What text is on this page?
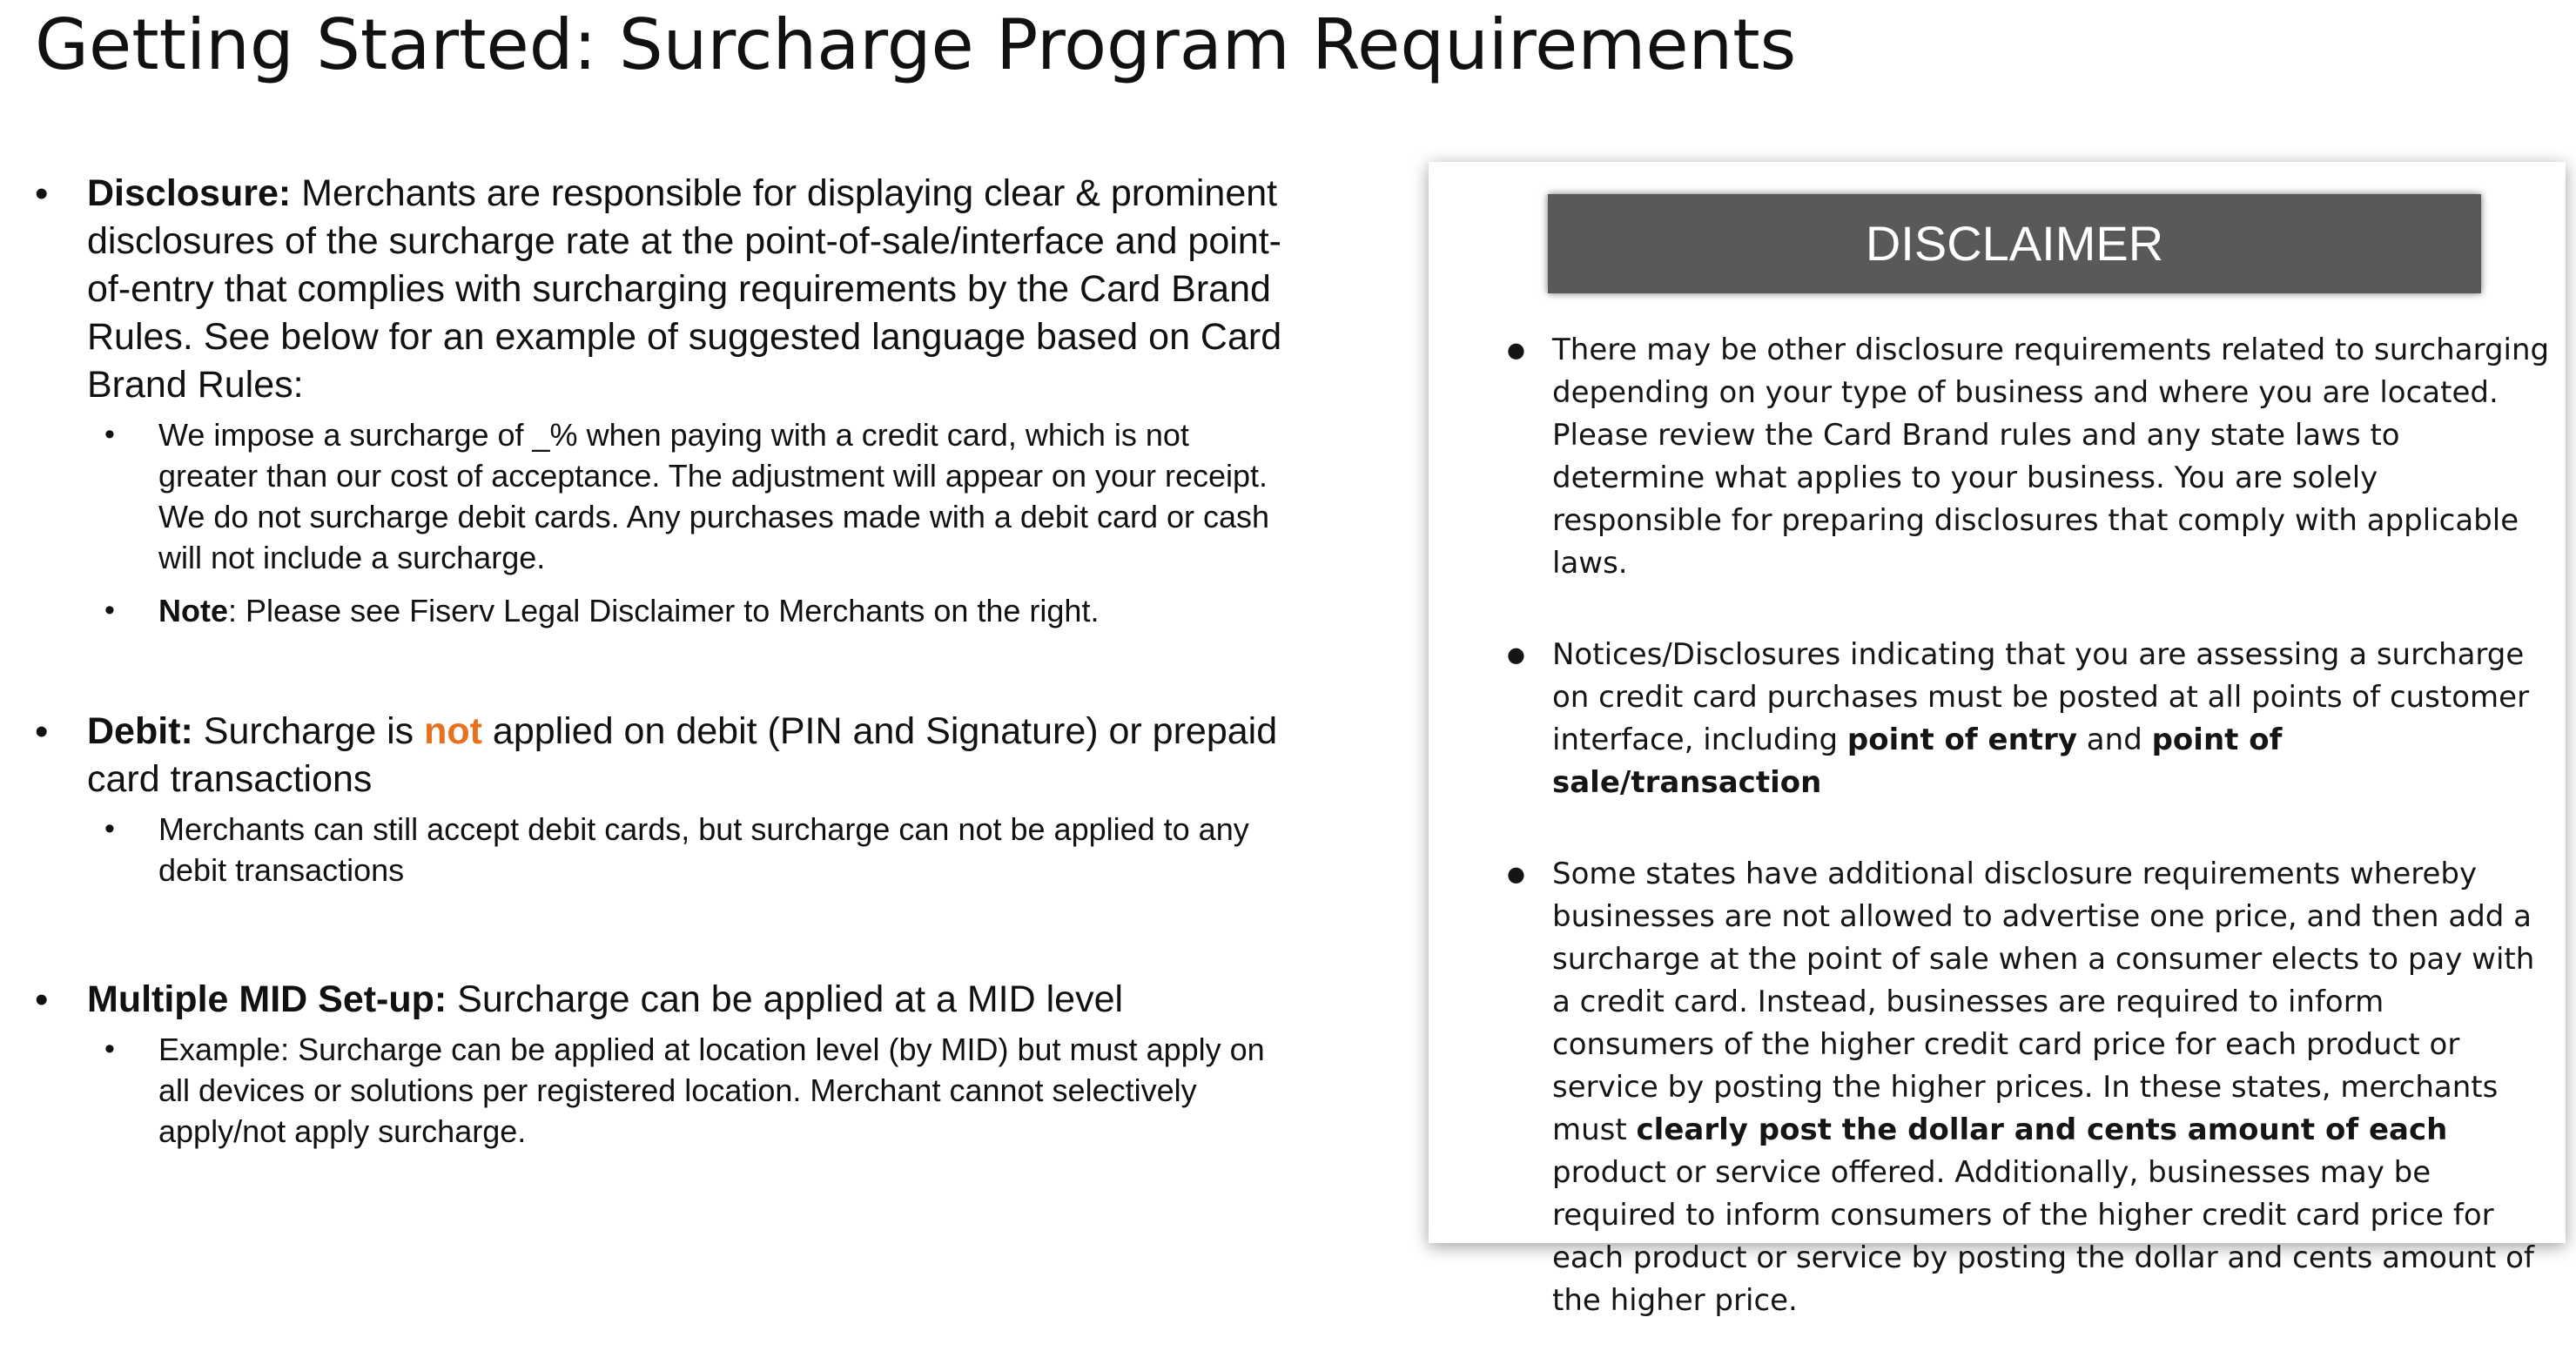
Getting Started: Surcharge Program Requirements

• Disclosure: Merchants are responsible for displaying clear & prominent disclosures of the surcharge rate at the point-of-sale/interface and point-of-entry that complies with surcharging requirements by the Card Brand Rules. See below for an example of suggested language based on Card Brand Rules:

• We impose a surcharge of _% when paying with a credit card, which is not greater than our cost of acceptance. The adjustment will appear on your receipt. We do not surcharge debit cards. Any purchases made with a debit card or cash will not include a surcharge.

• Note: Please see Fiserv Legal Disclaimer to Merchants on the right.

• Debit: Surcharge is not applied on debit (PIN and Signature) or prepaid card transactions

• Merchants can still accept debit cards, but surcharge can not be applied to any debit transactions

• Multiple MID Set-up: Surcharge can be applied at a MID level

• Example: Surcharge can be applied at location level (by MID) but must apply on all devices or solutions per registered location. Merchant cannot selectively apply/not apply surcharge.

DISCLAIMER

● There may be other disclosure requirements related to surcharging depending on your type of business and where you are located. Please review the Card Brand rules and any state laws to determine what applies to your business. You are solely responsible for preparing disclosures that comply with applicable laws.

● Notices/Disclosures indicating that you are assessing a surcharge on credit card purchases must be posted at all points of customer interface, including point of entry and point of sale/transaction

● Some states have additional disclosure requirements whereby businesses are not allowed to advertise one price, and then add a surcharge at the point of sale when a consumer elects to pay with a credit card. Instead, businesses are required to inform consumers of the higher credit card price for each product or service by posting the higher prices. In these states, merchants must clearly post the dollar and cents amount of each product or service offered. Additionally, businesses may be required to inform consumers of the higher credit card price for each product or service by posting the dollar and cents amount of the higher price.
